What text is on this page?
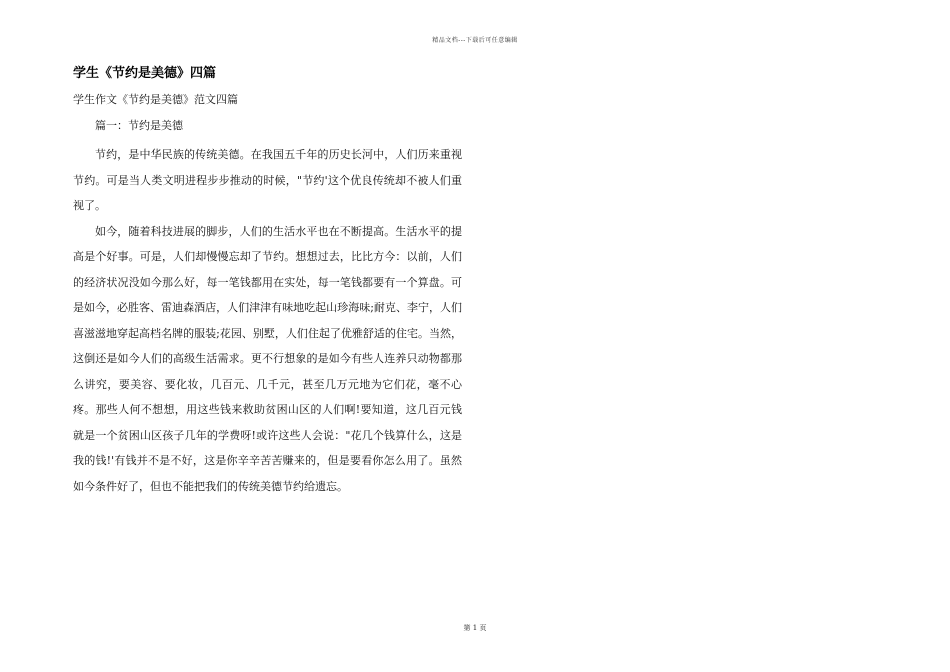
精品文档---下载后可任意编辑
学生《节约是美德》四篇

学生作文《节约是美德》范文四篇

篇一：节约是美德

节约，是中华民族的传统美德。在我国五千年的历史长河中，人们历来重视节约。可是当人类文明进程步步推动的时候，"节约'这个优良传统却不被人们重视了。

如今，随着科技进展的脚步，人们的生活水平也在不断提高。生活水平的提高是个好事。可是，人们却慢慢忘却了节约。想想过去，比比方今：以前，人们的经济状况没如今那么好，每一笔钱都用在实处，每一笔钱都要有一个算盘。可是如今，必胜客、雷迪森酒店，人们津津有味地吃起山珍海味;耐克、李宁，人们喜滋滋地穿起高档名牌的服装;花园、别墅，人们住起了优雅舒适的住宅。当然，这倒还是如今人们的高级生活需求。更不行想象的是如今有些人连养只动物都那么讲究，要美容、要化妆，几百元、几千元，甚至几万元地为它们花，毫不心疼。那些人何不想想，用这些钱来救助贫困山区的人们啊!要知道，这几百元钱就是一个贫困山区孩子几年的学费呀!或许这些人会说："花几个钱算什么，这是我的钱!'有钱并不是不好，这是你辛辛苦苦赚来的，但是要看你怎么用了。虽然如今条件好了，但也不能把我们的传统美德节约给遗忘。

第 1 页
